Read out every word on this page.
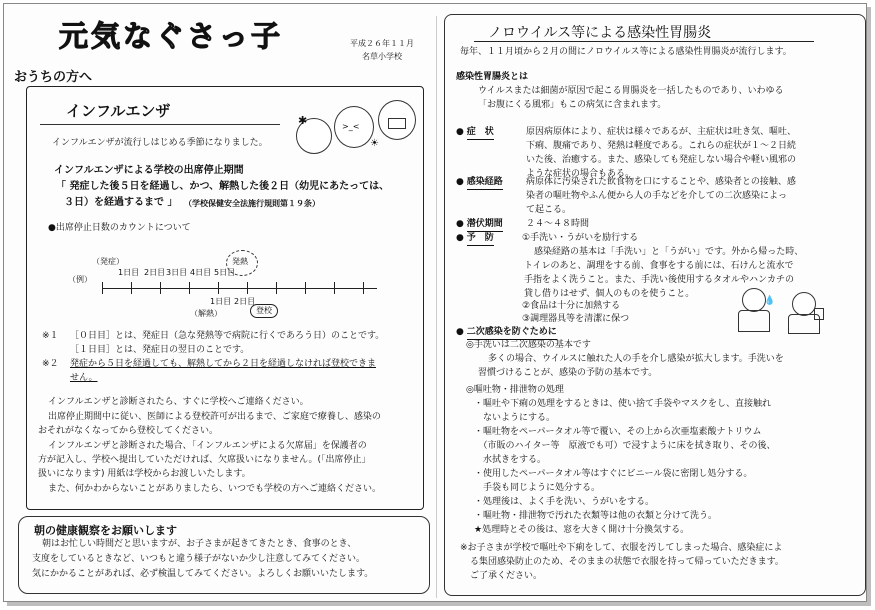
元気なぐさっ子	平成２６年１１月
名草小学校
おうちの方へ
インフルエンザ
✱	>_<
☀
インフルエンザが流行しはじめる季節になりました。
インフルエンザによる学校の出席停止期間
「 発症した後５日を経過し、かつ、解熱した後２日（幼児にあたっては、
３日）を経過するまで 」 （学校保健安全法施行規則第１９条）
●出席停止日数のカウントについて
（発症）
（例）
1日目 2日目 3日目 4日目 5日目
発熱
（解熱）
1日目 2日目
登校
※１ ［０日目］とは、発症日（急な発熱等で病院に行くであろう日）のことです。
［１日目］とは、発症日の翌日のことです。
※２ 発症から５日を経過しても、解熱してから２日を経過しなければ登校できま
せん。
インフルエンザと診断されたら、すぐに学校へご連絡ください。
出席停止期間中に従い、医師による登校許可が出るまで、ご家庭で療養し、感染の
おそれがなくなってから登校してください。
インフルエンザと診断された場合、「インフルエンザによる欠席届」を保護者の
方が記入し、学校へ提出していただければ、欠席扱いになりません。(「出席停止」
扱いになります) 用紙は学校からお渡しいたします。
また、何かわからないことがありましたら、いつでも学校の方へご連絡ください。
朝の健康観察をお願いします
朝はお忙しい時間だと思いますが、お子さまが起きてきたとき、食事のとき、
支度をしているときなど、いつもと違う様子がないか少し注意してみてください。
気にかかることがあれば、必ず検温してみてください。よろしくお願いいたします。
ノロウイルス等による感染性胃腸炎
毎年、１１月頃から２月の間にノロウイルス等による感染性胃腸炎が流行します。
感染性胃腸炎とは
ウイルスまたは細菌が原因で起こる胃腸炎を一括したものであり、いわゆる
「お腹にくる風邪」もこの病気に含まれます。
● 症　状	原因病原体により、症状は様々であるが、主症状は吐き気、嘔吐、
下痢、腹痛であり、発熱は軽度である。これらの症状が１～２日続
いた後、治癒する。また、感染しても発症しない場合や軽い風邪の
ような症状の場合もある。
● 感染経路	病原体に汚染された飲食物を口にすることや、感染者との接触、感
染者の嘔吐物やふん便から人の手などを介しての二次感染によっ
て起こる。
● 潜伏期間	２４～４８時間
● 予　防	①手洗い・うがいを励行する
感染経路の基本は「手洗い」と「うがい」です。外から帰った時、
トイレのあと、調理をする前、食事をする前には、石けんと流水で
手指をよく洗うこと。また、手洗い後使用するタオルやハンカチの
貸し借りはせず、個人のものを使うこと。
②食品は十分に加熱する
③調理器具等を清潔に保つ
💧
● 二次感染を防ぐために
◎手洗いは二次感染の基本です
多くの場合、ウイルスに触れた人の手を介し感染が拡大します。手洗いを
習慣づけることが、感染の予防の基本です。
◎嘔吐物・排泄物の処理
・嘔吐や下痢の処理をするときは、使い捨て手袋やマスクをし、直接触れ
　ないようにする。
・嘔吐物をペーパータオル等で覆い、その上から次亜塩素酸ナトリウム
　（市販のハイター等　原液でも可）で浸すように床を拭き取り、その後、
　水拭きをする。
・使用したペーパータオル等はすぐにビニール袋に密閉し処分する。
　手袋も同じように処分する。
・処理後は、よく手を洗い、うがいをする。
・嘔吐物・排泄物で汚れた衣類等は他の衣類と分けて洗う。
★処理時とその後は、窓を大きく開け十分換気する。
※お子さまが学校で嘔吐や下痢をして、衣服を汚してしまった場合、感染症によ
る集団感染防止のため、そのままの状態で衣服を持って帰っていただきます。
ご了承ください。
